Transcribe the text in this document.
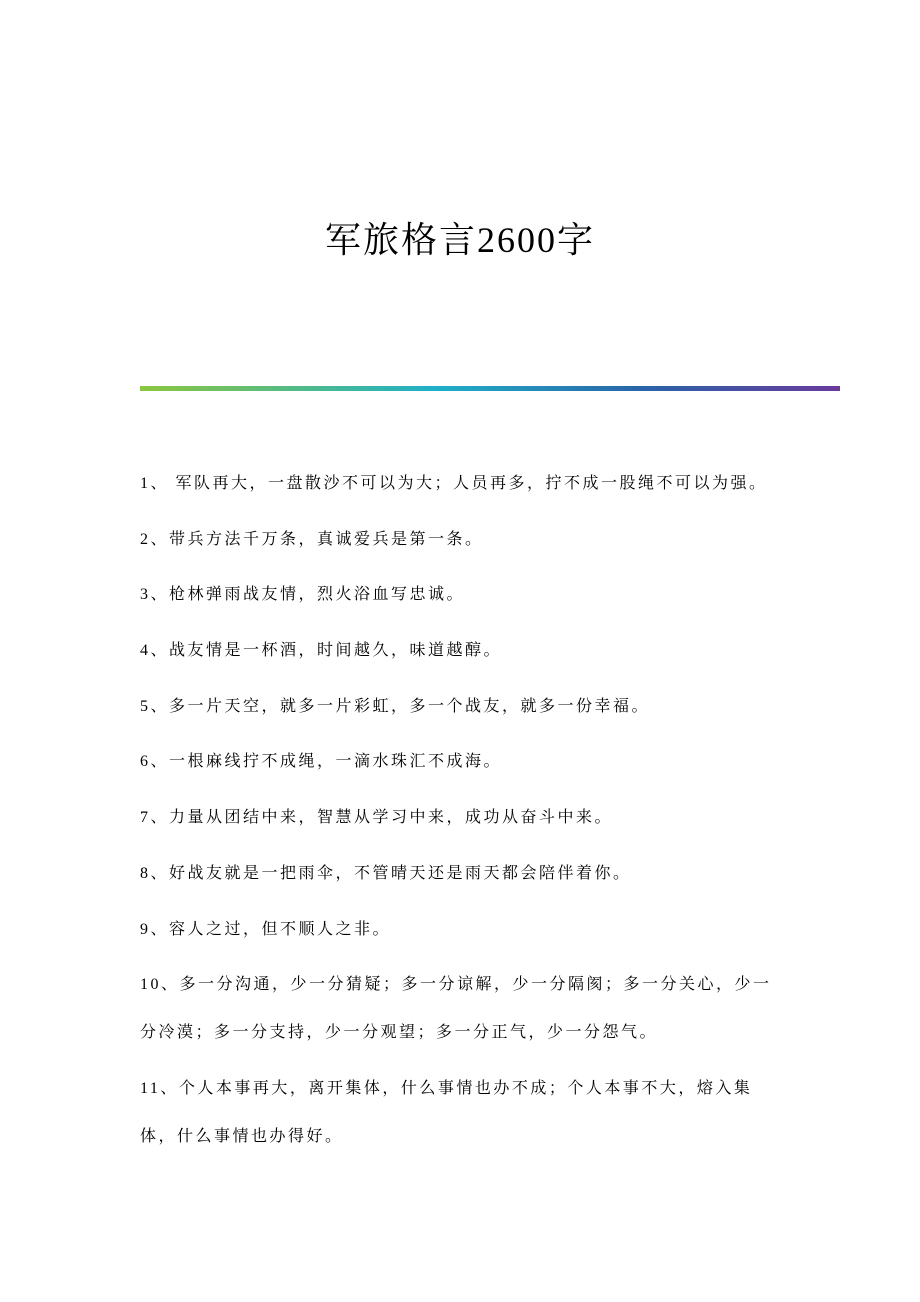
军旅格言2600字
1、 军队再大，一盘散沙不可以为大；人员再多，拧不成一股绳不可以为强。
2、带兵方法千万条，真诚爱兵是第一条。
3、枪林弹雨战友情，烈火浴血写忠诚。
4、战友情是一杯酒，时间越久，味道越醇。
5、多一片天空，就多一片彩虹，多一个战友，就多一份幸福。
6、一根麻线拧不成绳，一滴水珠汇不成海。
7、力量从团结中来，智慧从学习中来，成功从奋斗中来。
8、好战友就是一把雨伞，不管晴天还是雨天都会陪伴着你。
9、容人之过，但不顺人之非。
10、多一分沟通，少一分猜疑；多一分谅解，少一分隔阂；多一分关心，少一分冷漠；多一分支持，少一分观望；多一分正气，少一分怨气。
11、个人本事再大，离开集体，什么事情也办不成；个人本事不大，熔入集体，什么事情也办得好。
